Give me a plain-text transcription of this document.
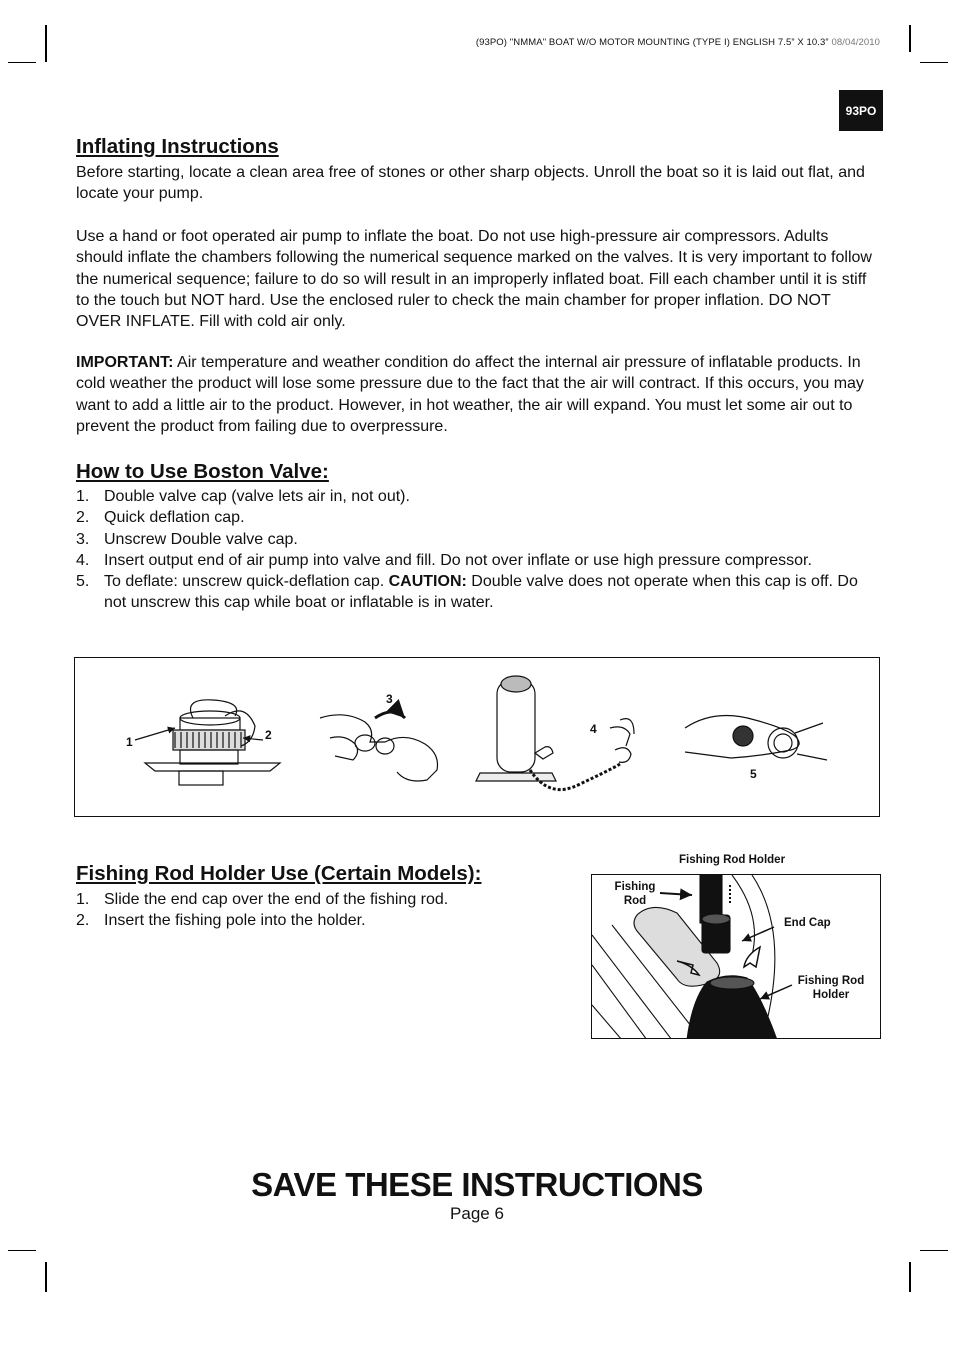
(93PO) "NMMA" BOAT W/O MOTOR MOUNTING (TYPE I) ENGLISH 7.5” X 10.3” 08/04/2010
93PO
Inflating Instructions

Before starting, locate a clean area free of stones or other sharp objects. Unroll the boat so it is laid out flat, and locate your pump.

Use a hand or foot operated air pump to inflate the boat. Do not use high-pressure air compressors. Adults should inflate the chambers following the numerical sequence marked on the valves. It is very important to follow the numerical sequence; failure to do so will result in an improperly inflated boat. Fill each chamber until it is stiff to the touch but NOT hard. Use the enclosed ruler to check the main chamber for proper inflation. DO NOT OVER INFLATE. Fill with cold air only.

IMPORTANT: Air temperature and weather condition do affect the internal air pressure of inflatable products. In cold weather the product will lose some pressure due to the fact that the air will contract. If this occurs, you may want to add a little air to the product. However, in hot weather, the air will expand. You must let some air out to prevent the product from failing due to overpressure.

How to Use Boston Valve:
1. Double valve cap (valve lets air in, not out).
2. Quick deflation cap.
3. Unscrew Double valve cap.
4. Insert output end of air pump into valve and fill. Do not over inflate or use high pressure compressor.
5. To deflate: unscrew quick-deflation cap. CAUTION: Double valve does not operate when this cap is off. Do not unscrew this cap while boat or inflatable is in water.
1	2
3
4
5
Fishing Rod Holder Use (Certain Models):
1. Slide the end cap over the end of the fishing rod.
2. Insert the fishing pole into the holder.
Fishing Rod Holder
Fishing
Rod
End Cap
Fishing Rod
Holder
SAVE THESE INSTRUCTIONS
Page 6
